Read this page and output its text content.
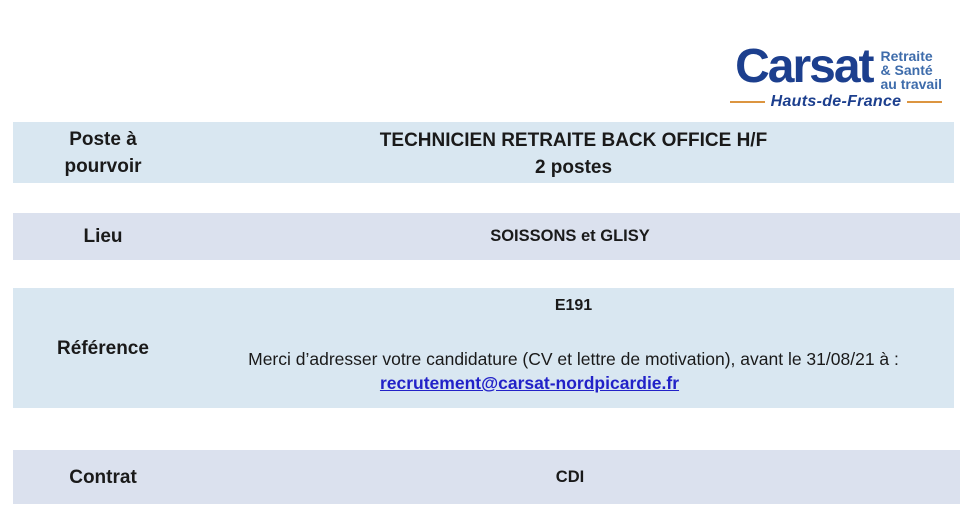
Carsat Retraite
& Santé
au travail
Hauts-de-France
Poste à pourvoir
TECHNICIEN RETRAITE BACK OFFICE H/F
2 postes
Lieu	SOISSONS et GLISY
Référence
E191
Merci d’adresser votre candidature (CV et lettre de motivation), avant le 31/08/21 à :
recrutement@carsat-nordpicardie.fr
Contrat	CDI
